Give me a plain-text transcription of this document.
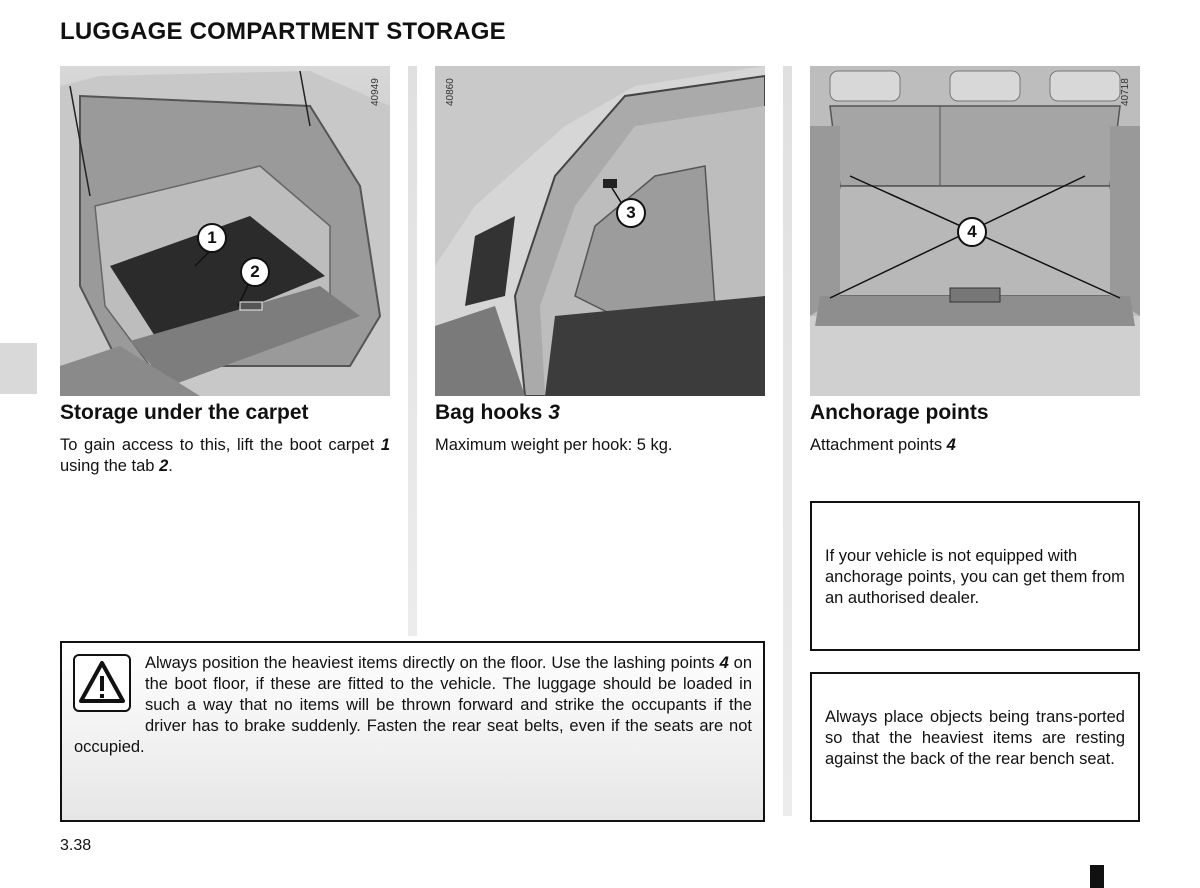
LUGGAGE COMPARTMENT STORAGE
40949
1
2
40860
3
40718
4
Storage under the carpet
To gain access to this, lift the boot carpet 1 using the tab 2.
Bag hooks 3
Maximum weight per hook: 5 kg.
Anchorage points
Attachment points 4
Always position the heaviest items directly on the floor. Use the lashing points 4 on the boot floor, if these are fitted to the vehicle. The luggage should be loaded in such a way that no items will be thrown forward and strike the occupants if the driver has to brake suddenly. Fasten the rear seat belts, even if the seats are not occupied.
If your vehicle is not equipped with anchorage points, you can get them from an authorised dealer.
Always place objects being trans-ported so that the heaviest items are resting against the back of the rear bench seat.
3.38
